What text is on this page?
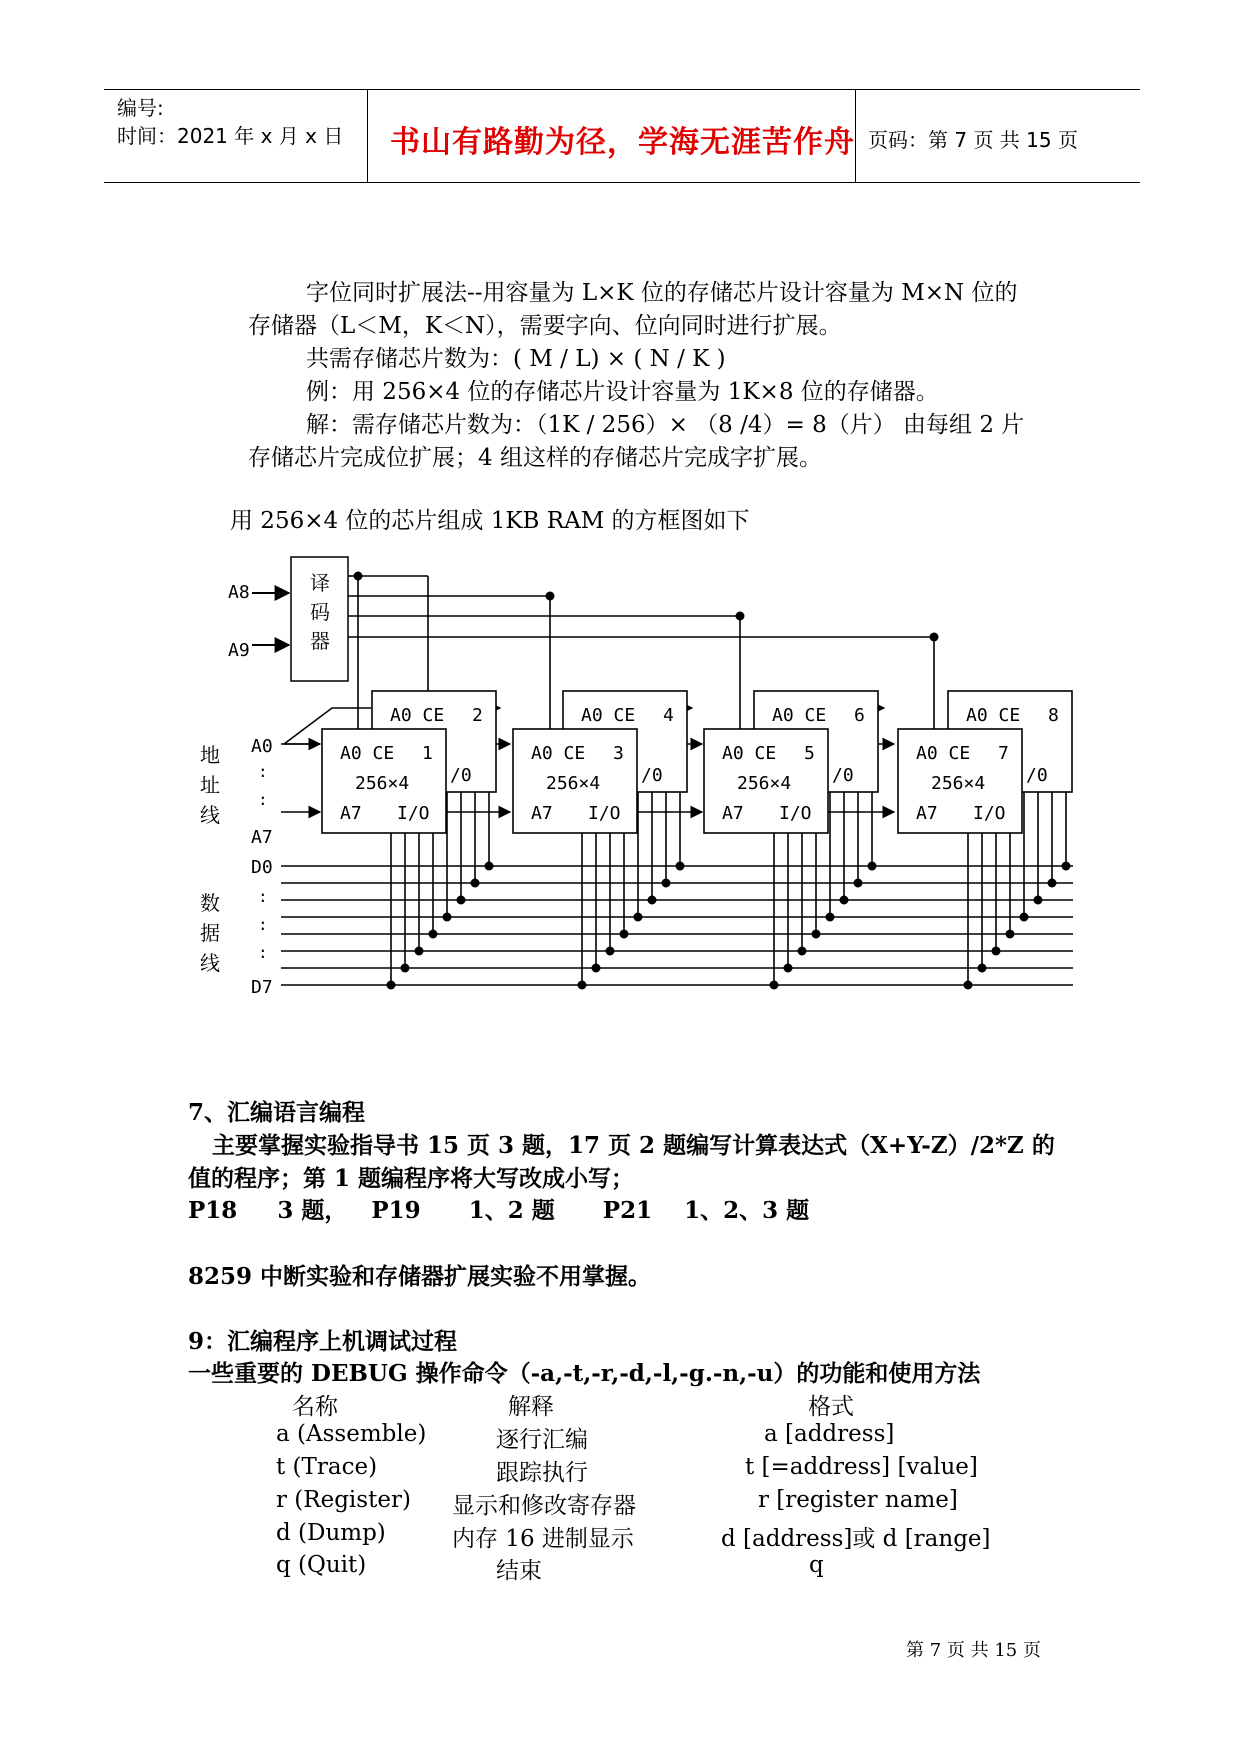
编号:
时间：2021 年 x 月 x 日 书山有路勤为径，学海无涯苦作舟 页码：第 7 页 共 15 页
字位同时扩展法--用容量为 L×K 位的存储芯片设计容量为 M×N 位的
存储器（L＜M，K＜N），需要字向、位向同时进行扩展。
共需存储芯片数为：( M / L) × ( N / K )
例：用 256×4 位的存储芯片设计容量为 1K×8 位的存储器。
解：需存储芯片数为：（1K / 256）× （8 /4）= 8（片） 由每组 2 片
存储芯片完成位扩展；4 组这样的存储芯片完成字扩展。
用 256×4 位的芯片组成 1KB RAM 的方框图如下
译
码
器
A8
A9
地
址
线
数
据
线
A0
:
:
A7
D0
:
:
:
D7
A0 CE 2
/0
A0 CE 4
/0
A0 CE 6
/0
A0 CE 8
/0
A0 CE 1
256×4
A7 I/O
A0 CE 3
256×4
A7 I/O
A0 CE 5
256×4
A7 I/O
A0 CE 7
256×4
A7 I/O
7、汇编语言编程
主要掌握实验指导书 15 页 3 题，17 页 2 题编写计算表达式（X+Y-Z）/2*Z 的
值的程序；第 1 题编程序将大写改成小写；
P18     3 题，   P19      1、2 题      P21    1、2、3 题
8259 中断实验和存储器扩展实验不用掌握。
9：汇编程序上机调试过程
一些重要的 DEBUG 操作命令（-a,-t,-r,-d,-l,-g.-n,-u）的功能和使用方法
名称	解释	格式
a (Assemble)	逐行汇编	a [address]
t (Trace)	跟踪执行	t [=address] [value]
r (Register) 显示和修改寄存器	r [register name]
d (Dump)	内存 16 进制显示	d [address]或 d [range]
q (Quit)	结束	q
第 7 页 共 15 页
